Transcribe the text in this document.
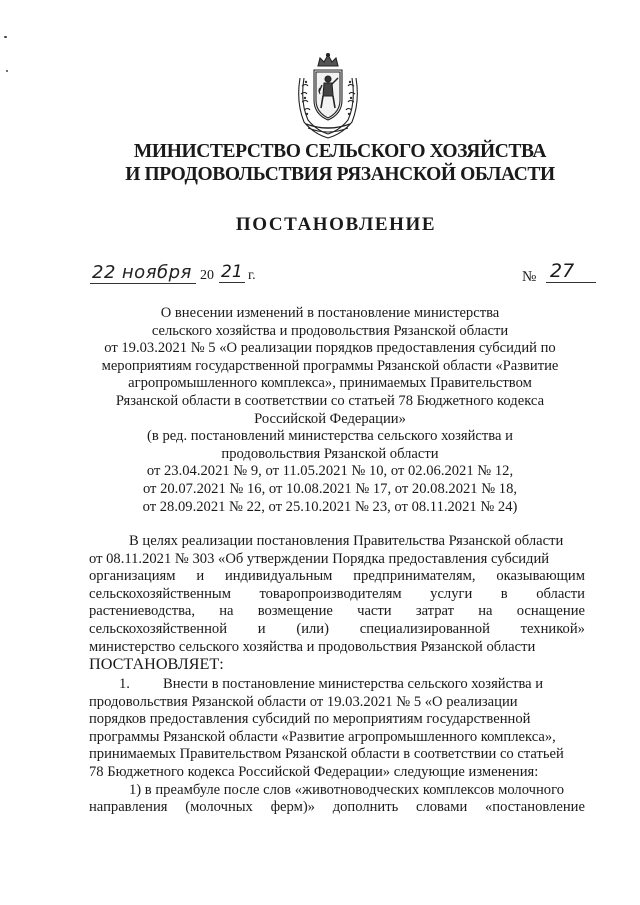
МИНИСТЕРСТВО СЕЛЬСКОГО ХОЗЯЙСТВА
И ПРОДОВОЛЬСТВИЯ РЯЗАНСКОЙ ОБЛАСТИ
ПОСТАНОВЛЕНИЕ
22 ноября 20 21 г.	№ 27
О внесении изменений в постановление министерства
сельского хозяйства и продовольствия Рязанской области
от 19.03.2021 № 5 «О реализации порядков предоставления субсидий по
мероприятиям государственной программы Рязанской области «Развитие
агропромышленного комплекса», принимаемых Правительством
Рязанской области в соответствии со статьей 78 Бюджетного кодекса
Российской Федерации»
(в ред. постановлений министерства сельского хозяйства и
продовольствия Рязанской области
от 23.04.2021 № 9, от 11.05.2021 № 10, от 02.06.2021 № 12,
от 20.07.2021 № 16, от 10.08.2021 № 17, от 20.08.2021 № 18,
от 28.09.2021 № 22, от 25.10.2021 № 23, от 08.11.2021 № 24)
В целях реализации постановления Правительства Рязанской области
от 08.11.2021 № 303 «Об утверждении Порядка предоставления субсидий
организациям и индивидуальным предпринимателям, оказывающим
сельскохозяйственным товаропроизводителям услуги в области
растениеводства, на возмещение части затрат на оснащение
сельскохозяйственной и (или) специализированной техникой»
министерство сельского хозяйства и продовольствия Рязанской области
ПОСТАНОВЛЯЕТ:
1.	Внести в постановление министерства сельского хозяйства и
продовольствия Рязанской области от 19.03.2021 № 5 «О реализации
порядков предоставления субсидий по мероприятиям государственной
программы Рязанской области «Развитие агропромышленного комплекса»,
принимаемых Правительством Рязанской области в соответствии со статьей
78 Бюджетного кодекса Российской Федерации» следующие изменения:
1) в преамбуле после слов «животноводческих комплексов молочного
направления (молочных ферм)» дополнить словами «постановление
